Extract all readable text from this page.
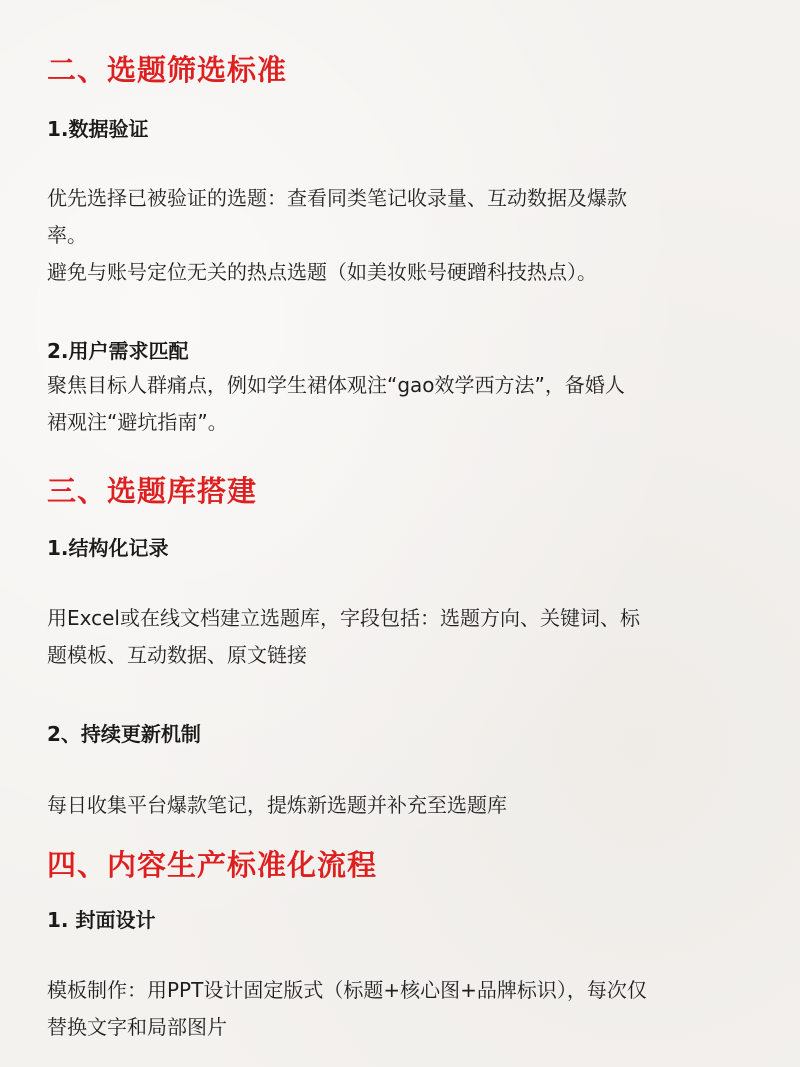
二、选题筛选标准
1.数据验证

优先选择已被验证的选题：查看同类笔记收录量、互动数据及爆款
率。
避免与账号定位无关的热点选题（如美妆账号硬蹭科技热点）。

2.用户需求匹配

聚焦目标人群痛点，例如学生裙体观注“gao效学西方法”，备婚人
裙观注“避坑指南”。

三、选题库搭建
1.结构化记录

用Excel或在线文档建立选题库，字段包括：选题方向、关键词、标
题模板、互动数据、原文链接

2、持续更新机制

每日收集平台爆款笔记，提炼新选题并补充至选题库

四、内容生产标准化流程
1. 封面设计

模板制作：用PPT设计固定版式（标题+核心图+品牌标识），每次仅
替换文字和局部图片
